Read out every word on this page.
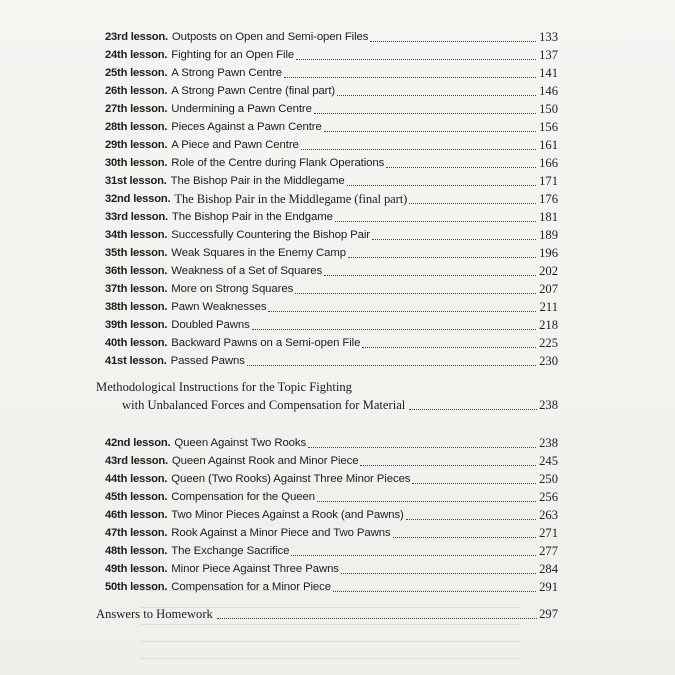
23rd lesson. Outposts on Open and Semi-open Files	133
24th lesson. Fighting for an Open File	137
25th lesson. A Strong Pawn Centre	141
26th lesson. A Strong Pawn Centre (final part)	146
27th lesson. Undermining a Pawn Centre	150
28th lesson. Pieces Against a Pawn Centre	156
29th lesson. A Piece and Pawn Centre	161
30th lesson. Role of the Centre during Flank Operations	166
31st lesson. The Bishop Pair in the Middlegame	171
32nd lesson. The Bishop Pair in the Middlegame (final part)	176
33rd lesson. The Bishop Pair in the Endgame	181
34th lesson. Successfully Countering the Bishop Pair	189
35th lesson. Weak Squares in the Enemy Camp	196
36th lesson. Weakness of a Set of Squares	202
37th lesson. More on Strong Squares	207
38th lesson. Pawn Weaknesses	211
39th lesson. Doubled Pawns	218
40th lesson. Backward Pawns on a Semi-open File	225
41st lesson. Passed Pawns	230
Methodological Instructions for the Topic Fighting
with Unbalanced Forces and Compensation for Material	238
42nd lesson. Queen Against Two Rooks	238
43rd lesson. Queen Against Rook and Minor Piece	245
44th lesson. Queen (Two Rooks) Against Three Minor Pieces	250
45th lesson. Compensation for the Queen	256
46th lesson. Two Minor Pieces Against a Rook (and Pawns)	263
47th lesson. Rook Against a Minor Piece and Two Pawns	271
48th lesson. The Exchange Sacrifice	277
49th lesson. Minor Piece Against Three Pawns	284
50th lesson. Compensation for a Minor Piece	291
Answers to Homework	297
